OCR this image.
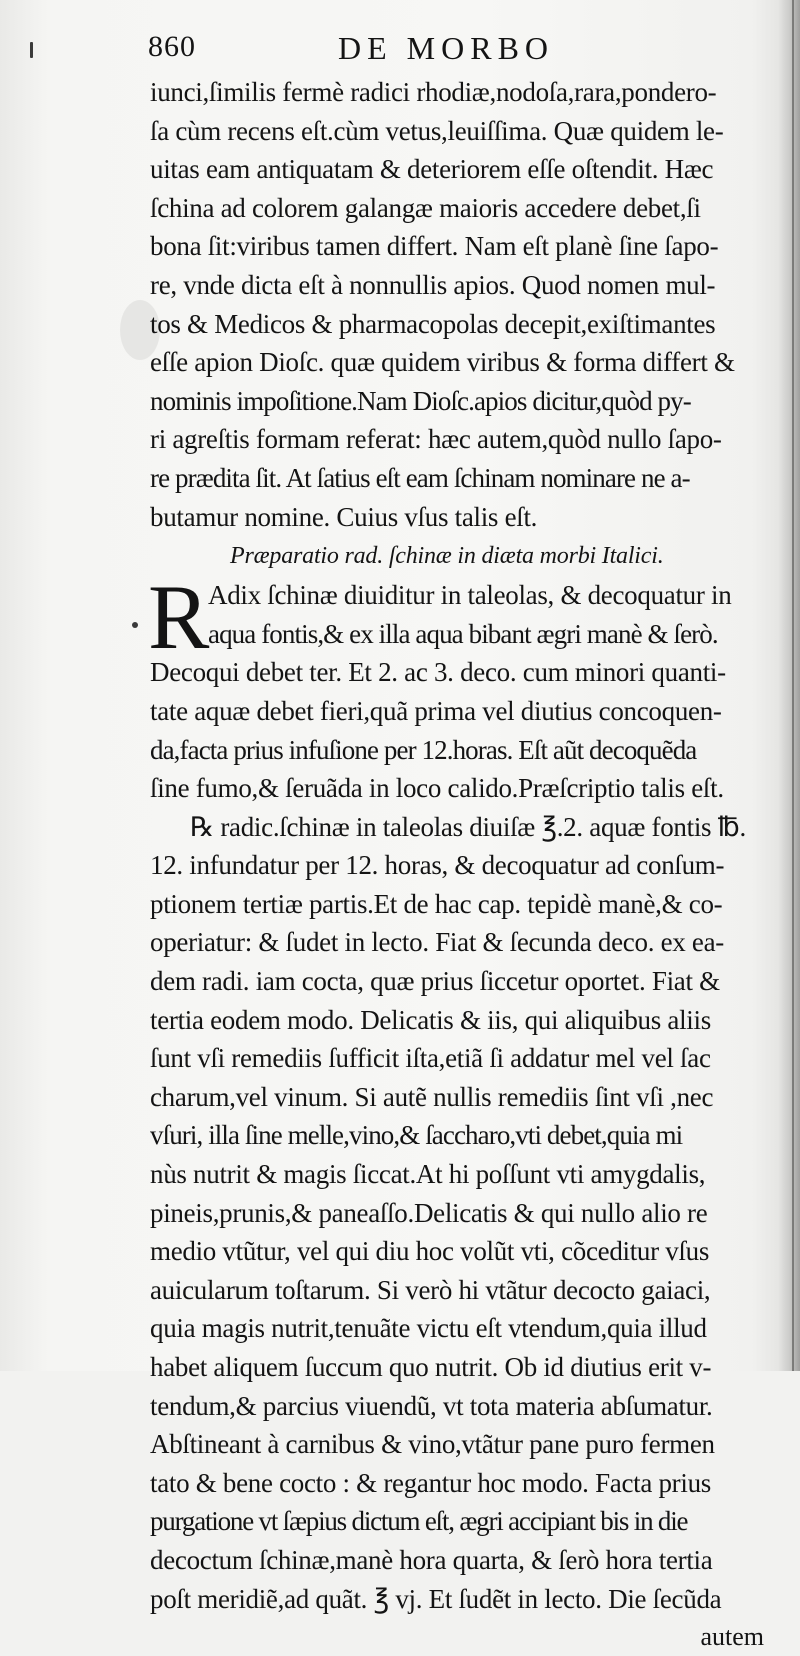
860	DE MORBO
iunci,ſimilis fermè radici rhodiæ,nodoſa,rara,pondero-
ſa cùm recens eſt.cùm vetus,leuiſſima. Quæ quidem le-
uitas eam antiquatam & deteriorem eſſe oſtendit. Hæc
ſchina ad colorem galangæ maioris accedere debet,ſi
bona ſit:viribus tamen differt. Nam eſt planè ſine ſapo-
re, vnde dicta eſt à nonnullis apios. Quod nomen mul-
tos & Medicos & pharmacopolas decepit,exiſtimantes
eſſe apion Dioſc. quæ quidem viribus & forma differt &
nominis impoſitione.Nam Dioſc.apios dicitur,quòd py-
ri agreſtis formam referat: hæc autem,quòd nullo ſapo-
re prædita ſit. At ſatius eſt eam ſchinam nominare ne a-
butamur nomine. Cuius vſus talis eſt.
Præparatio rad. ſchinæ in diæta morbi Italici.
R
Adix ſchinæ diuiditur in taleolas, & decoquatur in
aqua fontis,& ex illa aqua bibant ægri manè & ſerò.
Decoqui debet ter. Et 2. ac 3. deco. cum minori quanti-
tate aquæ debet fieri,quã prima vel diutius concoquen-
da,facta prius infuſione per 12.horas. Eſt aũt decoquẽda
ſine fumo,& ſeruãda in loco calido.Præſcriptio talis eſt.
℞ radic.ſchinæ in taleolas diuiſæ ℥.2. aquæ fontis ℔.
12. infundatur per 12. horas, & decoquatur ad conſum-
ptionem tertiæ partis.Et de hac cap. tepidè manè,& co-
operiatur: & ſudet in lecto. Fiat & ſecunda deco. ex ea-
dem radi. iam cocta, quæ prius ſiccetur oportet. Fiat &
tertia eodem modo. Delicatis & iis, qui aliquibus aliis
ſunt vſi remediis ſufficit iſta,etiã ſi addatur mel vel ſac
charum,vel vinum. Si autẽ nullis remediis ſint vſi ,nec
vſuri, illa ſine melle,vino,& ſaccharo,vti debet,quia mi
nùs nutrit & magis ſiccat.At hi poſſunt vti amygdalis,
pineis,prunis,& paneaſſo.Delicatis & qui nullo alio re
medio vtũtur, vel qui diu hoc volũt vti, cõceditur vſus
auicularum toſtarum. Si verò hi vtãtur decocto gaiaci,
quia magis nutrit,tenuãte victu eſt vtendum,quia illud
habet aliquem ſuccum quo nutrit. Ob id diutius erit v-
tendum,& parcius viuendũ, vt tota materia abſumatur.
Abſtineant à carnibus & vino,vtãtur pane puro fermen
tato & bene cocto : & regantur hoc modo. Facta prius
purgatione vt ſæpius dictum eſt, ægri accipiant bis in die
decoctum ſchinæ,manè hora quarta, & ſerò hora tertia
poſt meridiẽ,ad quãt. ℥ vj. Et ſudẽt in lecto. Die ſecũda
autem
